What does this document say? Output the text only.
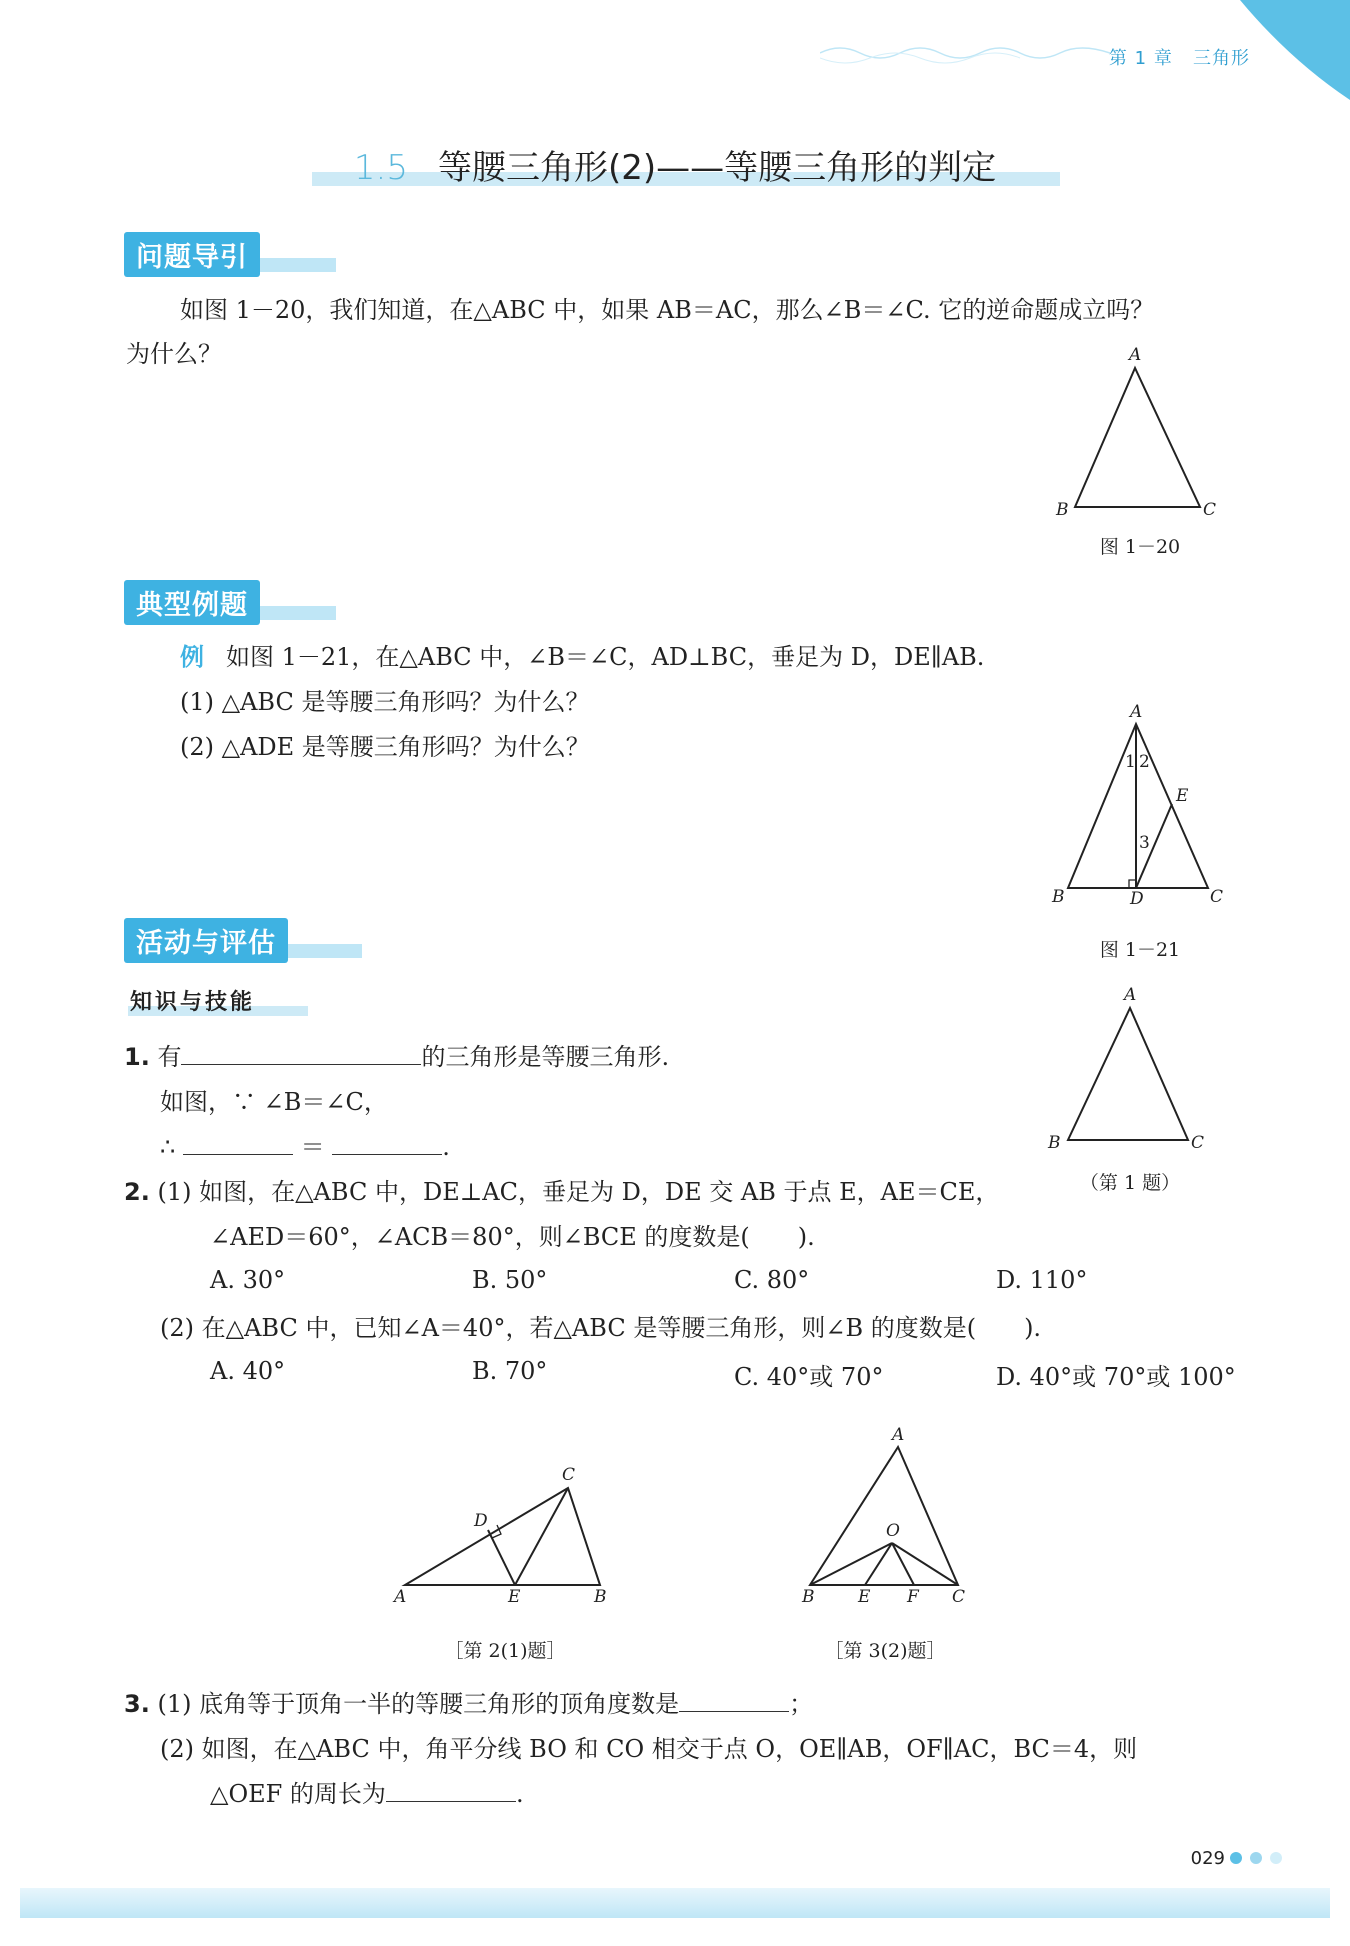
第 1 章 三角形
1.5 等腰三角形(2)——等腰三角形的判定
问题导引
如图 1－20，我们知道，在△ABC 中，如果 AB＝AC，那么∠B＝∠C. 它的逆命题成立吗？
为什么？	A
B	C
图 1－20
典型例题
例 如图 1－21，在△ABC 中，∠B＝∠C，AD⊥BC，垂足为 D，DE∥AB.
(1) △ABC 是等腰三角形吗？为什么？
(2) △ADE 是等腰三角形吗？为什么？
A
B	D	C
E
1 2
3
图 1－21
活动与评估
知识与技能
1. 有	的三角形是等腰三角形.
如图，∵ ∠B＝∠C，
∴	＝	.
A
B	C
（第 1 题）
2. (1) 如图，在△ABC 中，DE⊥AC，垂足为 D，DE 交 AB 于点 E，AE＝CE，
∠AED＝60°，∠ACB＝80°，则∠BCE 的度数是(　　).
A. 30°	B. 50°	C. 80°	D. 110°
(2) 在△ABC 中，已知∠A＝40°，若△ABC 是等腰三角形，则∠B 的度数是(　　).
A. 40°	B. 70°	C. 40°或 70°	D. 40°或 70°或 100°
A	E	B
C
D
［第 2(1)题］
A
O
B	E F C
［第 3(2)题］
3. (1) 底角等于顶角一半的等腰三角形的顶角度数是	；
(2) 如图，在△ABC 中，角平分线 BO 和 CO 相交于点 O，OE∥AB，OF∥AC，BC＝4，则
△OEF 的周长为	.
029
